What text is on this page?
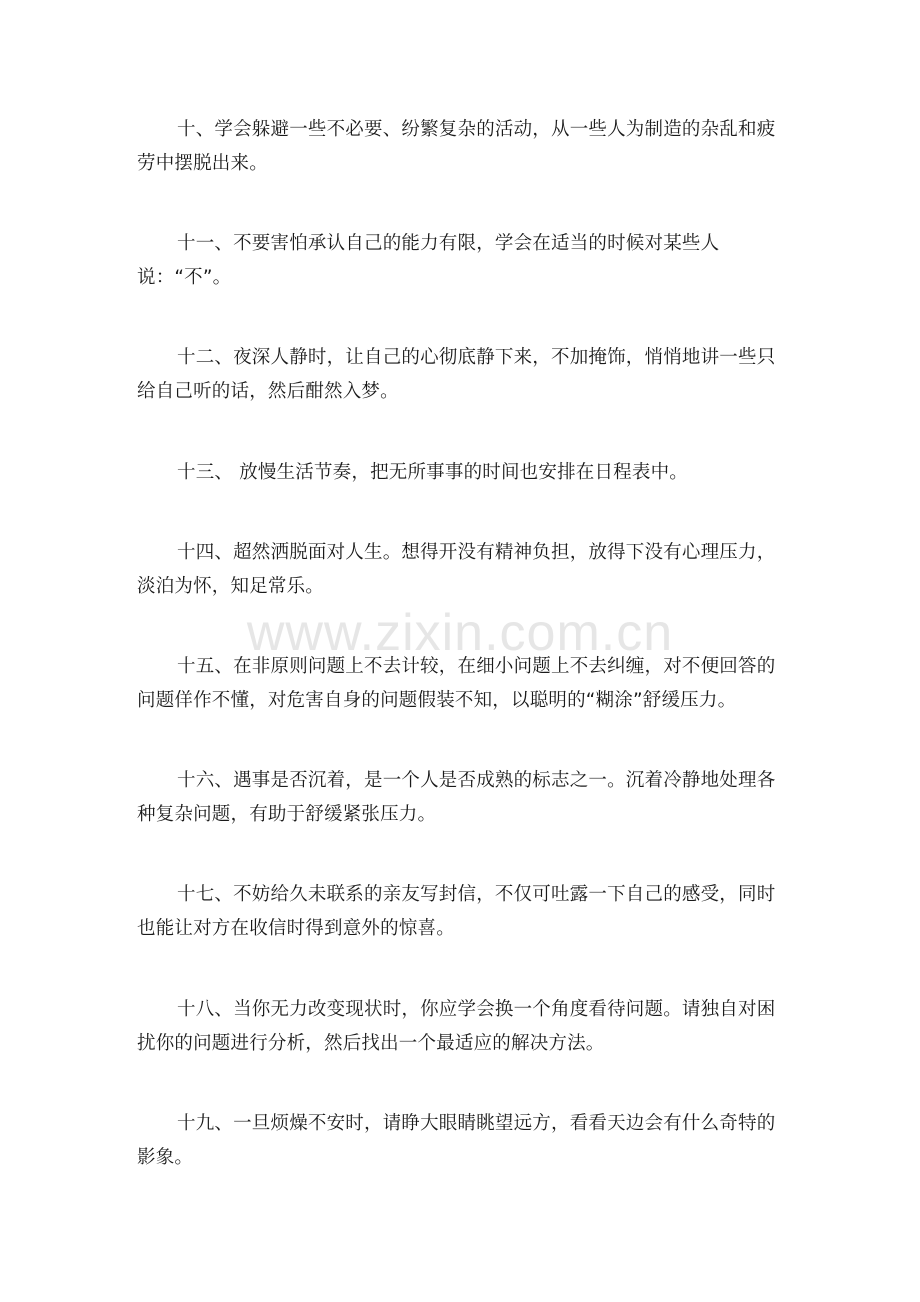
www.zixin.com.cn

十、学会躲避一些不必要、纷繁复杂的活动，从一些人为制造的杂乱和疲劳中摆脱出来。

十一、不要害怕承认自己的能力有限，学会在适当的时候对某些人说：“不”。

十二、夜深人静时，让自己的心彻底静下来，不加掩饰，悄悄地讲一些只给自己听的话，然后酣然入梦。

十三、 放慢生活节奏，把无所事事的时间也安排在日程表中。

十四、超然洒脱面对人生。想得开没有精神负担，放得下没有心理压力，淡泊为怀，知足常乐。

十五、在非原则问题上不去计较，在细小问题上不去纠缠，对不便回答的问题佯作不懂，对危害自身的问题假装不知，以聪明的“糊涂”舒缓压力。

十六、遇事是否沉着，是一个人是否成熟的标志之一。沉着冷静地处理各种复杂问题，有助于舒缓紧张压力。

十七、不妨给久未联系的亲友写封信，不仅可吐露一下自己的感受，同时也能让对方在收信时得到意外的惊喜。

十八、当你无力改变现状时，你应学会换一个角度看待问题。请独自对困扰你的问题进行分析，然后找出一个最适应的解决方法。

十九、一旦烦燥不安时，请睁大眼睛眺望远方，看看天边会有什么奇特的影象。
